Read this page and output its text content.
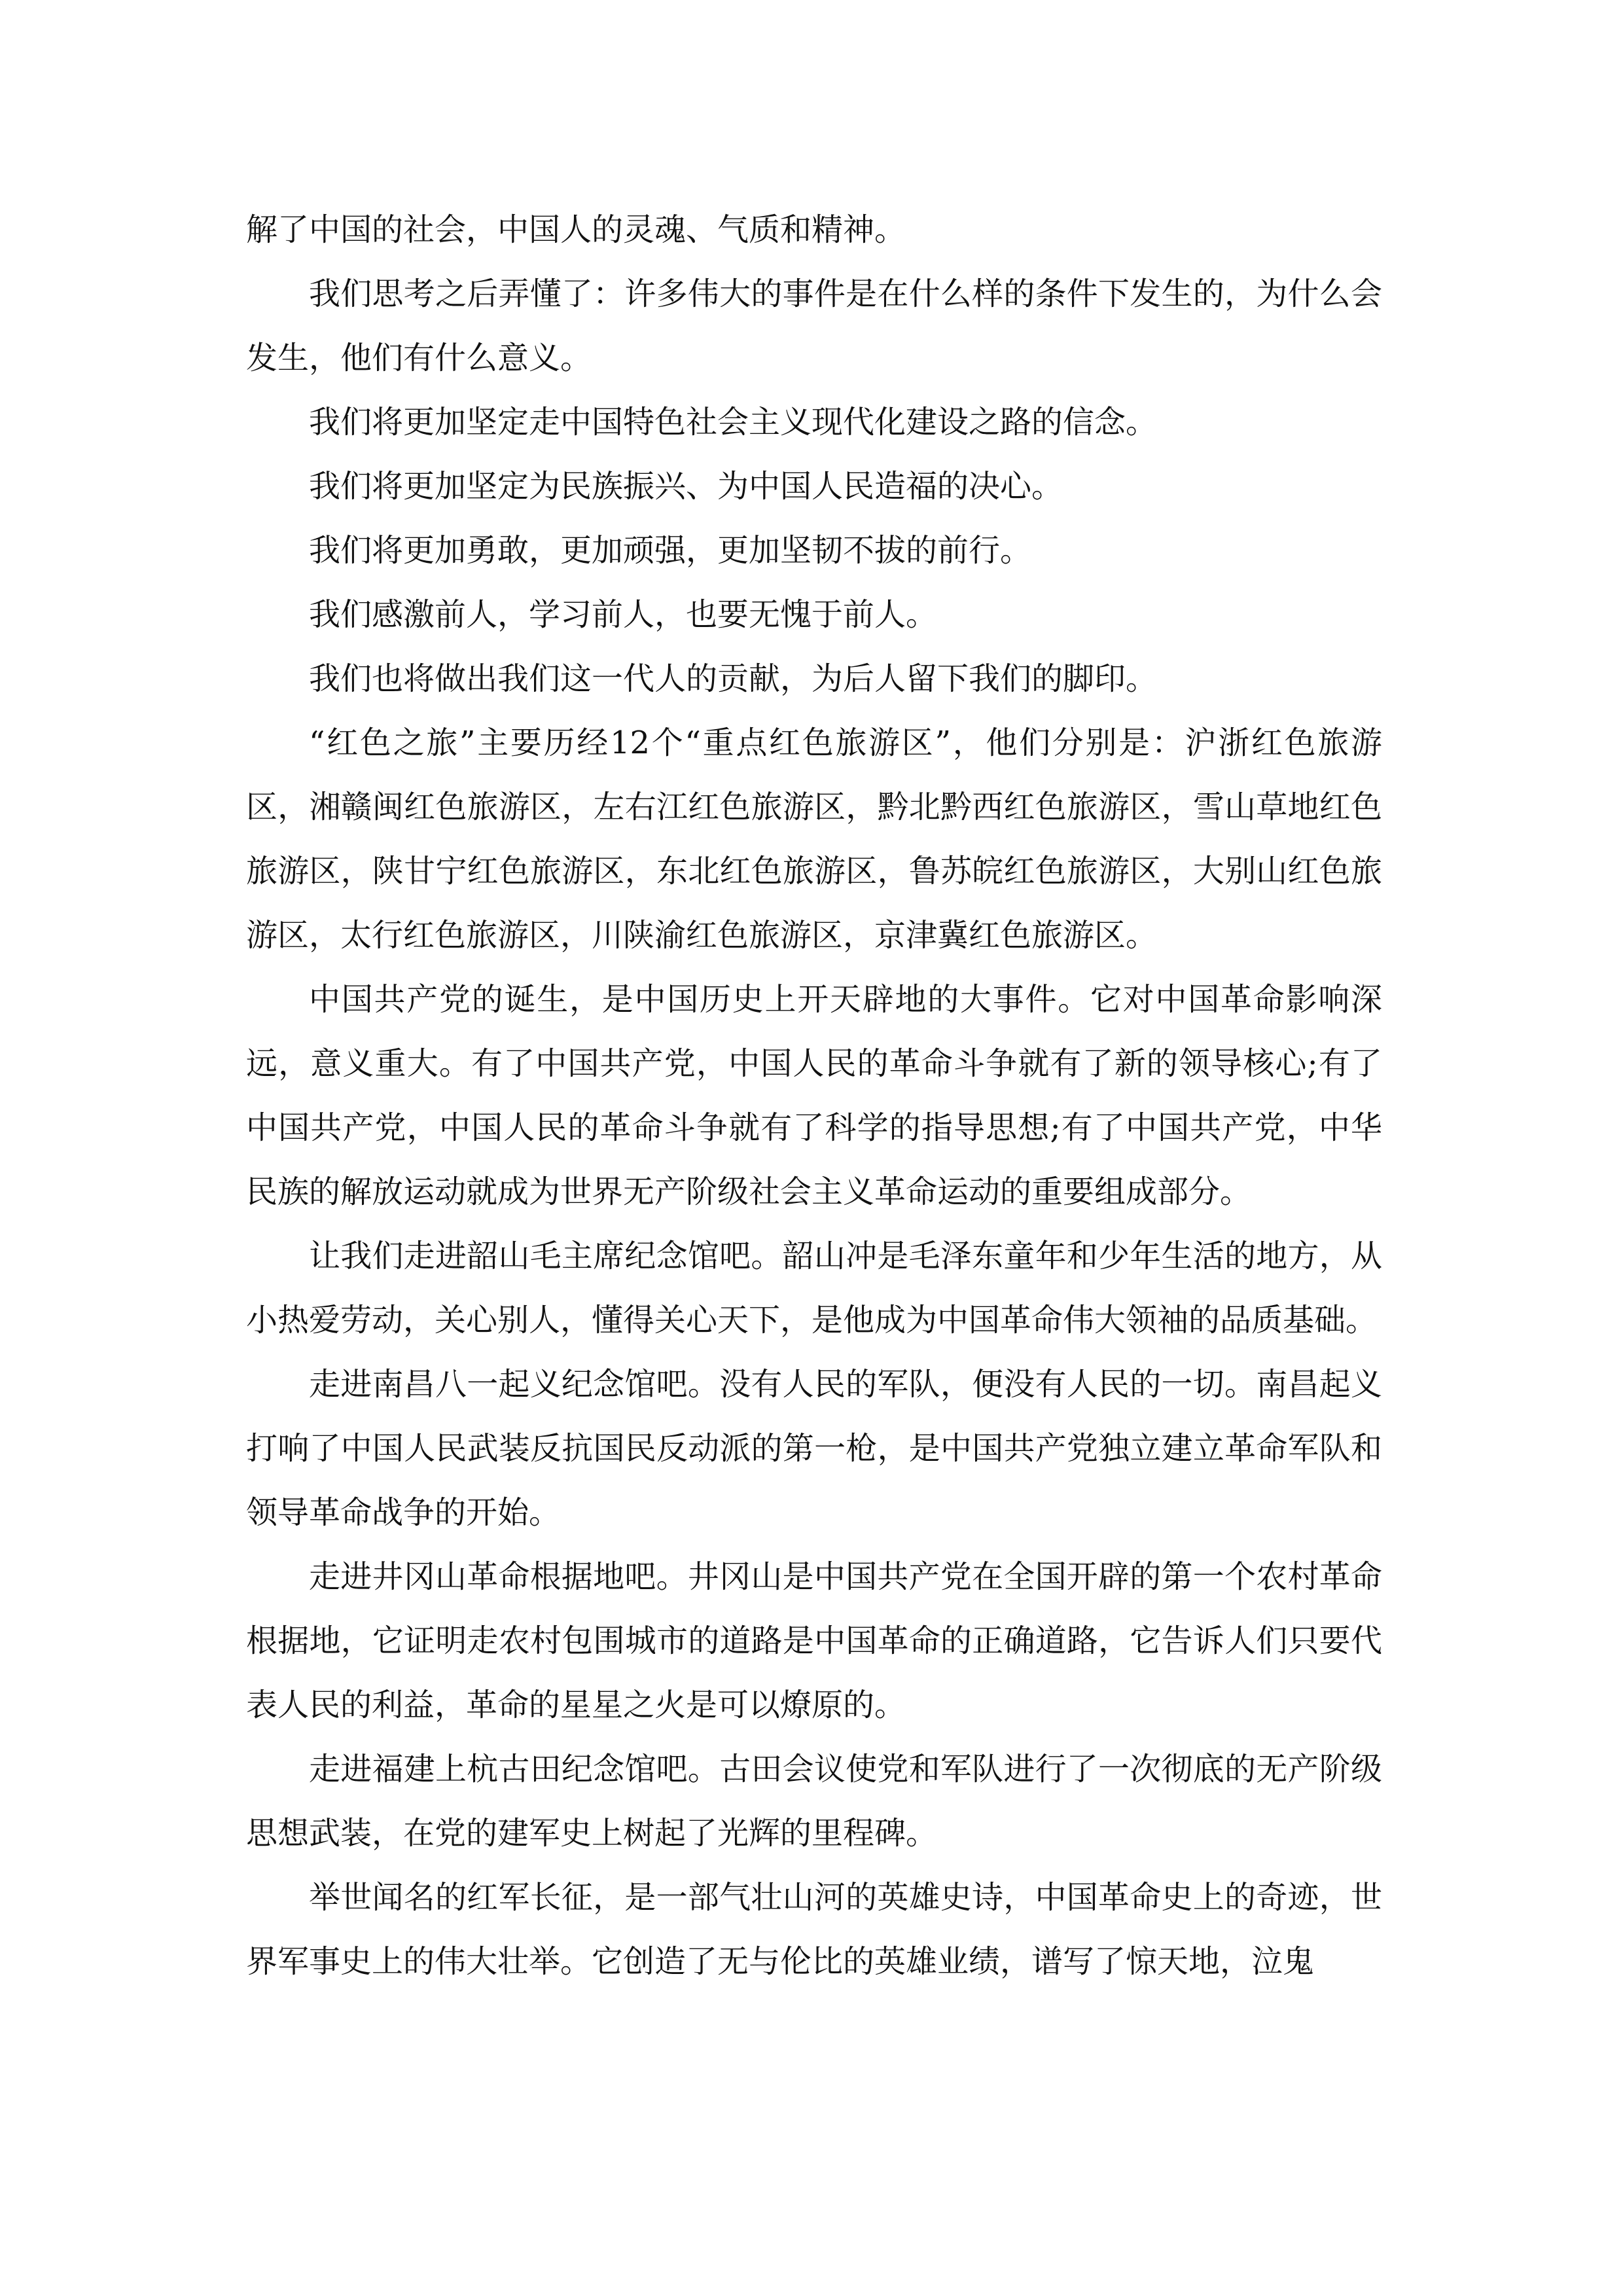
解了中国的社会，中国人的灵魂、气质和精神。

我们思考之后弄懂了：许多伟大的事件是在什么样的条件下发生的，为什么会发生，他们有什么意义。

我们将更加坚定走中国特色社会主义现代化建设之路的信念。

我们将更加坚定为民族振兴、为中国人民造福的决心。

我们将更加勇敢，更加顽强，更加坚韧不拔的前行。

我们感激前人，学习前人，也要无愧于前人。

我们也将做出我们这一代人的贡献，为后人留下我们的脚印。

“红色之旅”主要历经12个“重点红色旅游区”，他们分别是：沪浙红色旅游区，湘赣闽红色旅游区，左右江红色旅游区，黔北黔西红色旅游区，雪山草地红色旅游区，陕甘宁红色旅游区，东北红色旅游区，鲁苏皖红色旅游区，大别山红色旅游区，太行红色旅游区，川陕渝红色旅游区，京津冀红色旅游区。

中国共产党的诞生，是中国历史上开天辟地的大事件。它对中国革命影响深远，意义重大。有了中国共产党，中国人民的革命斗争就有了新的领导核心;有了中国共产党，中国人民的革命斗争就有了科学的指导思想;有了中国共产党，中华民族的解放运动就成为世界无产阶级社会主义革命运动的重要组成部分。

让我们走进韶山毛主席纪念馆吧。韶山冲是毛泽东童年和少年生活的地方，从小热爱劳动，关心别人，懂得关心天下，是他成为中国革命伟大领袖的品质基础。

走进南昌八一起义纪念馆吧。没有人民的军队，便没有人民的一切。南昌起义打响了中国人民武装反抗国民反动派的第一枪，是中国共产党独立建立革命军队和领导革命战争的开始。

走进井冈山革命根据地吧。井冈山是中国共产党在全国开辟的第一个农村革命根据地，它证明走农村包围城市的道路是中国革命的正确道路，它告诉人们只要代表人民的利益，革命的星星之火是可以燎原的。

走进福建上杭古田纪念馆吧。古田会议使党和军队进行了一次彻底的无产阶级思想武装，在党的建军史上树起了光辉的里程碑。

举世闻名的红军长征，是一部气壮山河的英雄史诗，中国革命史上的奇迹，世界军事史上的伟大壮举。它创造了无与伦比的英雄业绩，谱写了惊天地，泣鬼
